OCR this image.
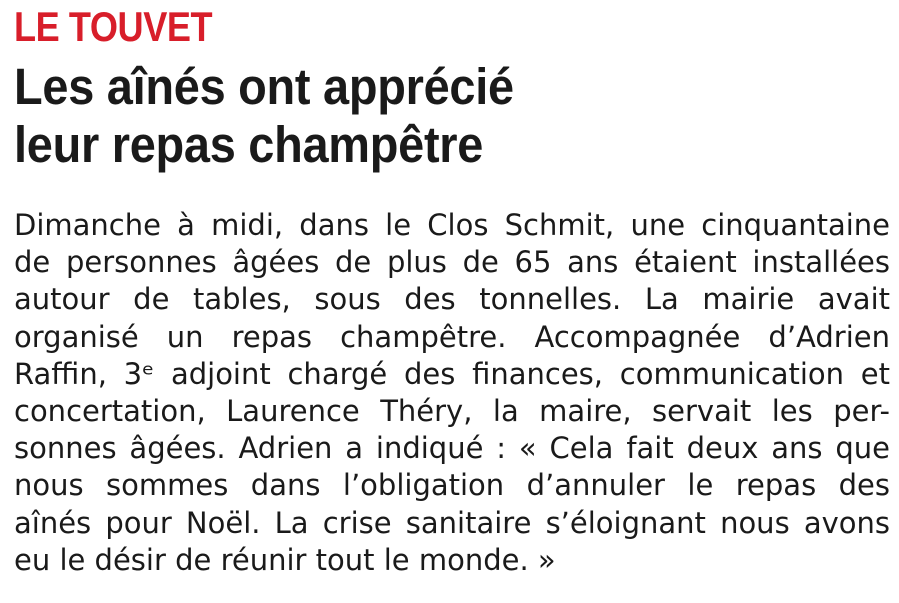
LE TOUVET
Les aînés ont apprécié
leur repas champêtre
Dimanche à midi, dans le Clos Schmit, une cinquantaine
de personnes âgées de plus de 65 ans étaient installées
autour de tables, sous des tonnelles. La mairie avait
organisé un repas champêtre. Accompagnée d’Adrien
Raffin, 3ᵉ adjoint chargé des finances, communication et
concertation, Laurence Théry, la maire, servait les per-
sonnes âgées. Adrien a indiqué : « Cela fait deux ans que
nous sommes dans l’obligation d’annuler le repas des
aînés pour Noël. La crise sanitaire s’éloignant nous avons
eu le désir de réunir tout le monde. »
